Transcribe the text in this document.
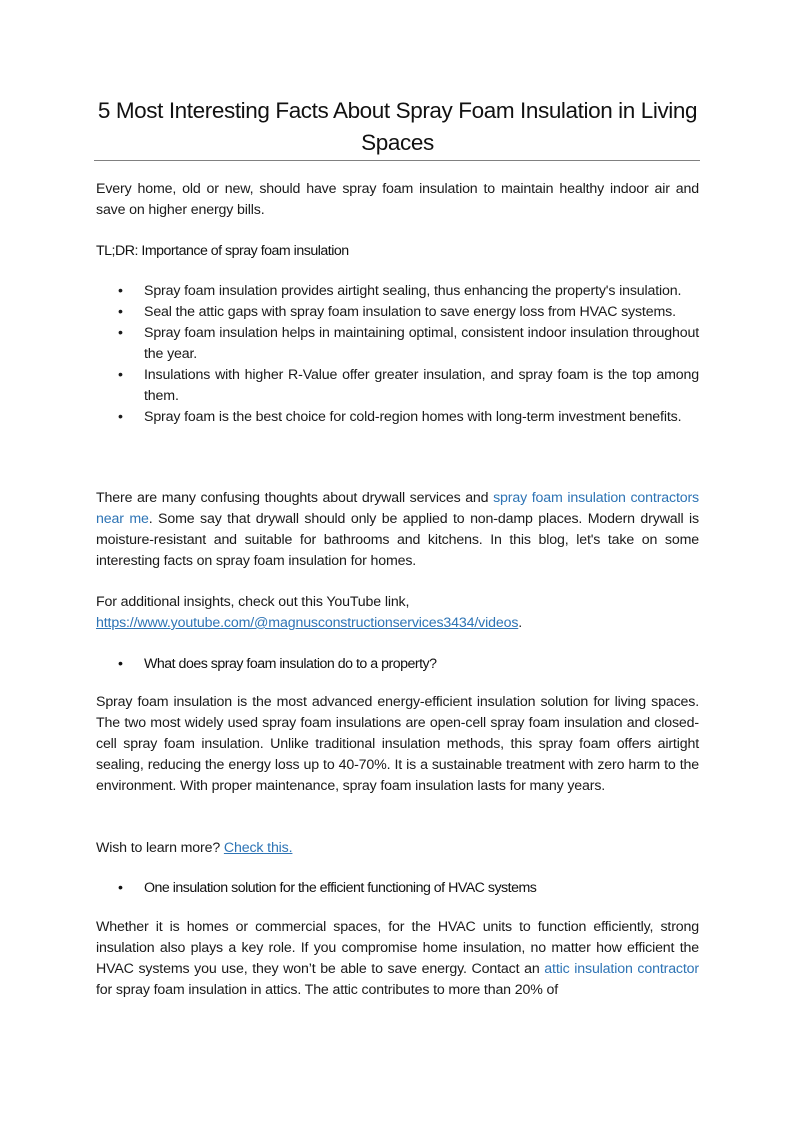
5 Most Interesting Facts About Spray Foam Insulation in Living Spaces
Every home, old or new, should have spray foam insulation to maintain healthy indoor air and save on higher energy bills.
TL;DR: Importance of spray foam insulation
• Spray foam insulation provides airtight sealing, thus enhancing the property's insulation.
• Seal the attic gaps with spray foam insulation to save energy loss from HVAC systems.
• Spray foam insulation helps in maintaining optimal, consistent indoor insulation throughout the year.
• Insulations with higher R-Value offer greater insulation, and spray foam is the top among them.
• Spray foam is the best choice for cold-region homes with long-term investment benefits.
There are many confusing thoughts about drywall services and spray foam insulation contractors near me. Some say that drywall should only be applied to non-damp places. Modern drywall is moisture-resistant and suitable for bathrooms and kitchens. In this blog, let's take on some interesting facts on spray foam insulation for homes.
For additional insights, check out this YouTube link,
https://www.youtube.com/@magnusconstructionservices3434/videos.
• What does spray foam insulation do to a property?
Spray foam insulation is the most advanced energy-efficient insulation solution for living spaces. The two most widely used spray foam insulations are open-cell spray foam insulation and closed-cell spray foam insulation. Unlike traditional insulation methods, this spray foam offers airtight sealing, reducing the energy loss up to 40-70%. It is a sustainable treatment with zero harm to the environment. With proper maintenance, spray foam insulation lasts for many years.
Wish to learn more? Check this.
• One insulation solution for the efficient functioning of HVAC systems
Whether it is homes or commercial spaces, for the HVAC units to function efficiently, strong insulation also plays a key role. If you compromise home insulation, no matter how efficient the HVAC systems you use, they won’t be able to save energy. Contact an attic insulation contractor for spray foam insulation in attics. The attic contributes to more than 20% of
